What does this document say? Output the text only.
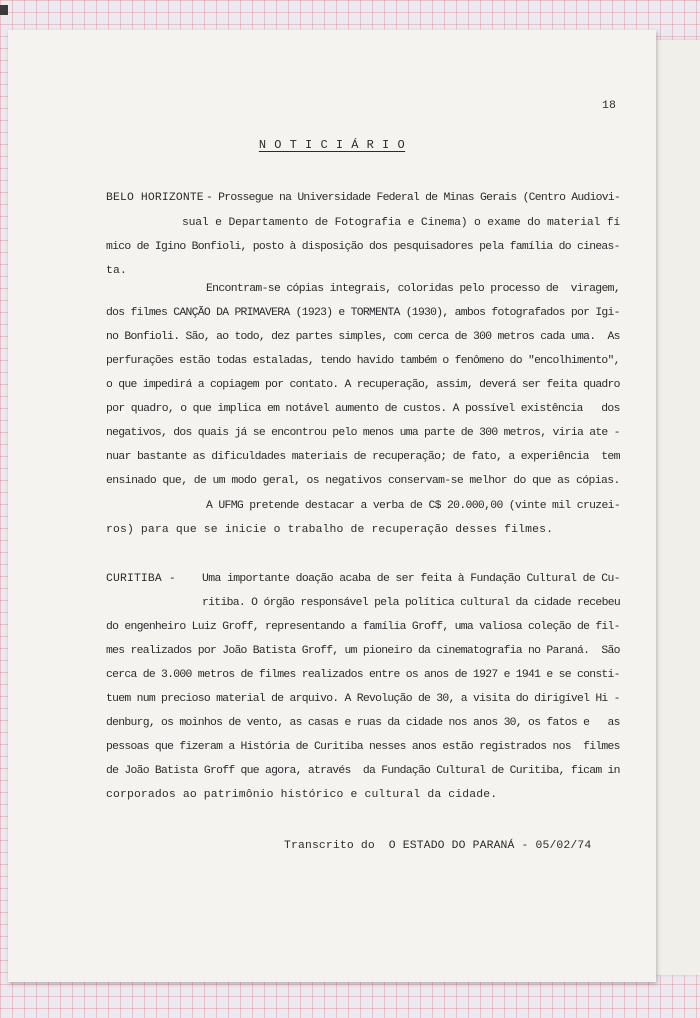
18
N O T I C I Á R I O
BELO HORIZONTE - Prossegue na Universidade Federal de Minas Gerais (Centro Audiovi-
sual e Departamento de Fotografia e Cinema) o exame do material fí
mico de Igino Bonfioli, posto à disposição dos pesquisadores pela família do cineas-
ta.
Encontram-se cópias integrais, coloridas pelo processo de  viragem,
dos filmes CANÇÃO DA PRIMAVERA (1923) e TORMENTA (1930), ambos fotografados por Igi-
no Bonfioli. São, ao todo, dez partes simples, com cerca de 300 metros cada uma.  As
perfurações estão todas estaladas, tendo havido também o fenômeno do "encolhimento",
o que impedirá a copiagem por contato. A recuperação, assim, deverá ser feita quadro
por quadro, o que implica em notável aumento de custos. A possível existência   dos
negativos, dos quais já se encontrou pelo menos uma parte de 300 metros, viria ate -
nuar bastante as dificuldades materiais de recuperação; de fato, a experiência  tem
ensinado que, de um modo geral, os negativos conservam-se melhor do que as cópias.
A UFMG pretende destacar a verba de C$ 20.000,00 (vinte mil cruzei-
ros) para que se inicie o trabalho de recuperação desses filmes.
CURITIBA - Uma importante doação acaba de ser feita à Fundação Cultural de Cu-
ritiba. O órgão responsável pela política cultural da cidade recebeu
do engenheiro Luiz Groff, representando a família Groff, uma valiosa coleção de fil-
mes realizados por João Batista Groff, um pioneiro da cinematografia no Paraná.  São
cerca de 3.000 metros de filmes realizados entre os anos de 1927 e 1941 e se consti-
tuem num precioso material de arquivo. A Revolução de 30, a visita do dirigível Hi -
denburg, os moinhos de vento, as casas e ruas da cidade nos anos 30, os fatos e   as
pessoas que fizeram a História de Curitiba nesses anos estão registrados nos  filmes
de João Batista Groff que agora, através  da Fundação Cultural de Curitiba, ficam in
corporados ao patrimônio histórico e cultural da cidade.
Transcrito do  O ESTADO DO PARANÁ - 05/02/74
